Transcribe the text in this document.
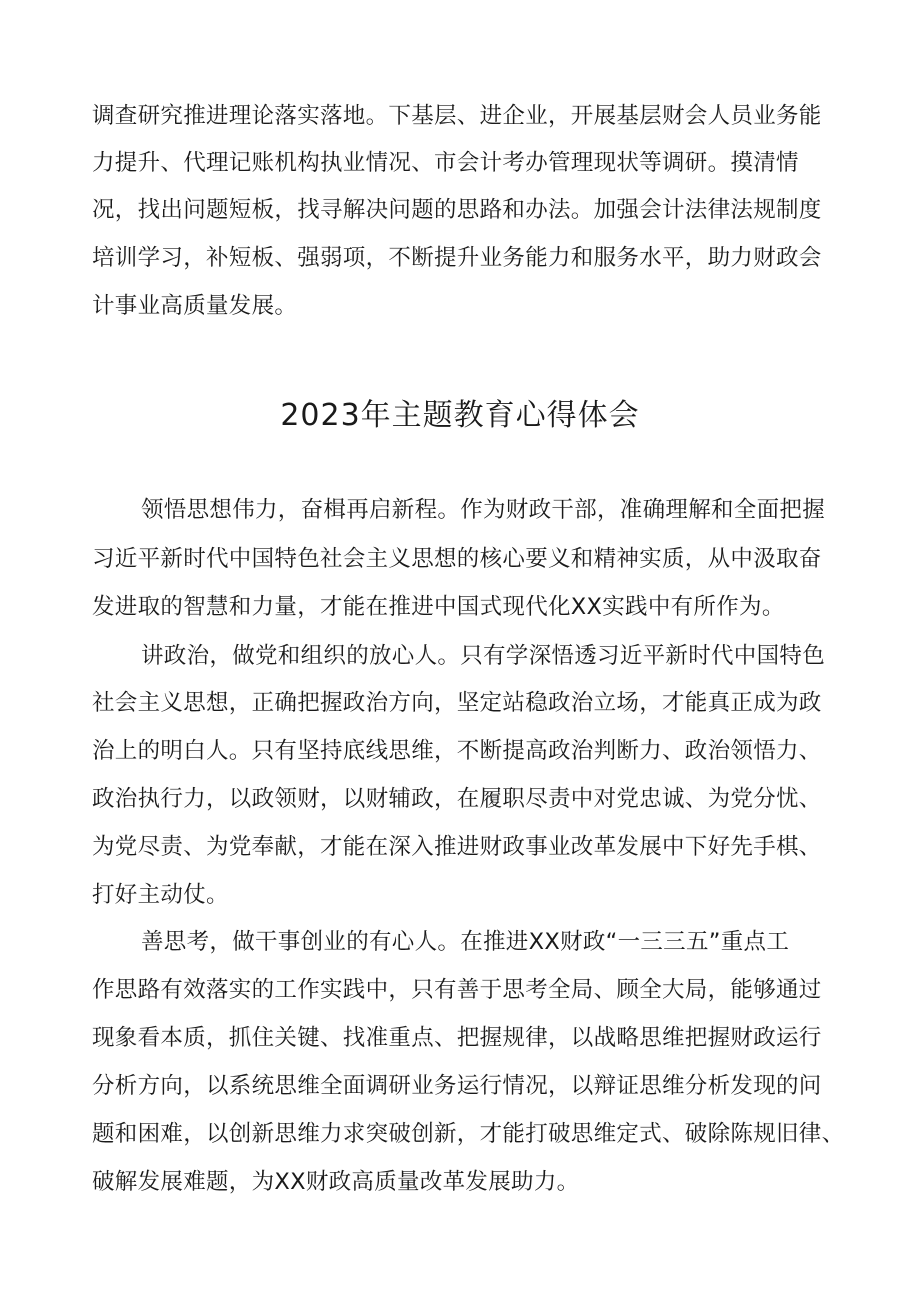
调查研究推进理论落实落地。下基层、进企业，开展基层财会人员业务能
力提升、代理记账机构执业情况、市会计考办管理现状等调研。摸清情
况，找出问题短板，找寻解决问题的思路和办法。加强会计法律法规制度
培训学习，补短板、强弱项，不断提升业务能力和服务水平，助力财政会
计事业高质量发展。
2023年主题教育心得体会
领悟思想伟力，奋楫再启新程。作为财政干部，准确理解和全面把握
习近平新时代中国特色社会主义思想的核心要义和精神实质，从中汲取奋
发进取的智慧和力量，才能在推进中国式现代化XX实践中有所作为。
讲政治，做党和组织的放心人。只有学深悟透习近平新时代中国特色
社会主义思想，正确把握政治方向，坚定站稳政治立场，才能真正成为政
治上的明白人。只有坚持底线思维，不断提高政治判断力、政治领悟力、
政治执行力，以政领财，以财辅政，在履职尽责中对党忠诚、为党分忧、
为党尽责、为党奉献，才能在深入推进财政事业改革发展中下好先手棋、
打好主动仗。
善思考，做干事创业的有心人。在推进XX财政“一三三五”重点工
作思路有效落实的工作实践中，只有善于思考全局、顾全大局，能够通过
现象看本质，抓住关键、找准重点、把握规律，以战略思维把握财政运行
分析方向，以系统思维全面调研业务运行情况，以辩证思维分析发现的问
题和困难，以创新思维力求突破创新，才能打破思维定式、破除陈规旧律、
破解发展难题，为XX财政高质量改革发展助力。
